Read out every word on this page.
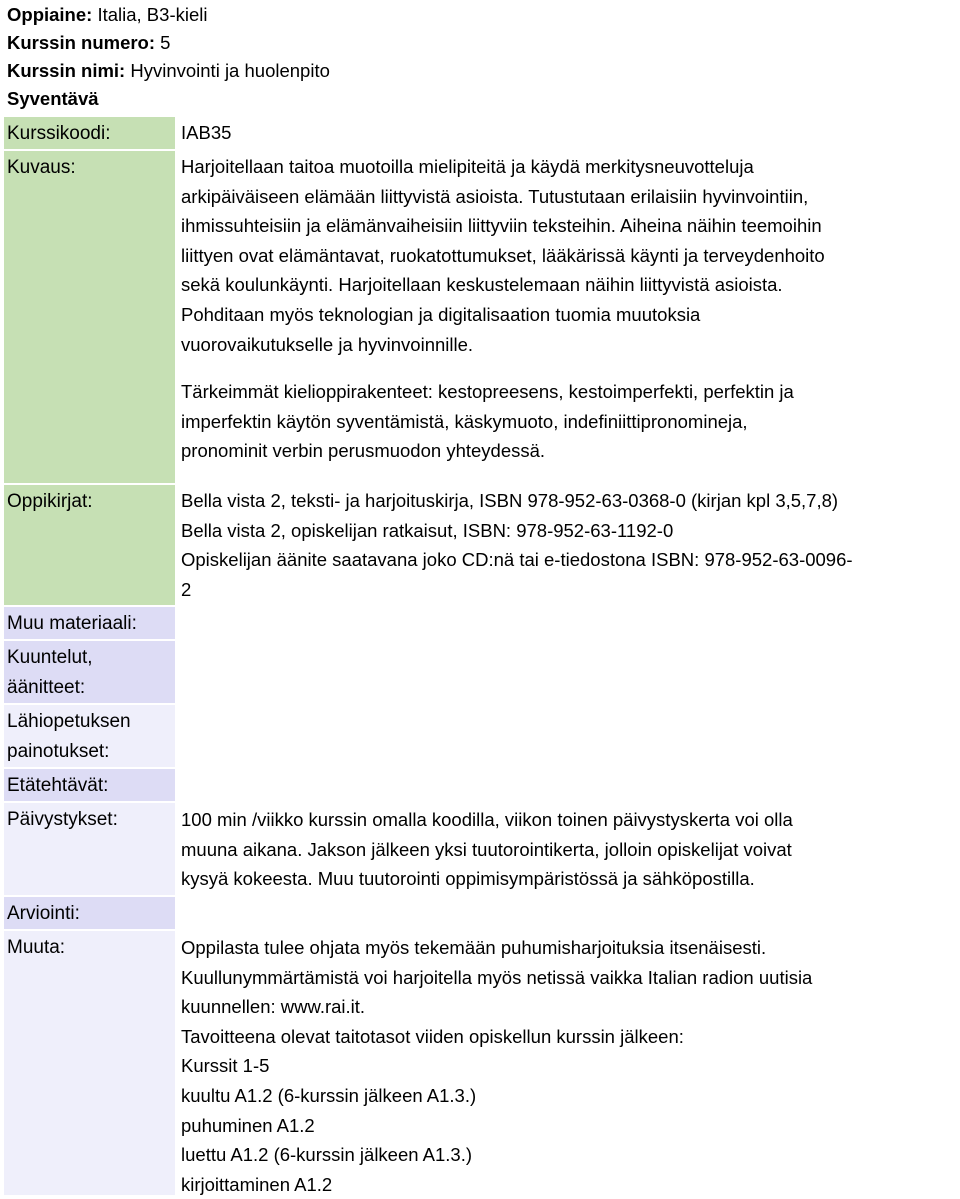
Oppiaine: Italia, B3-kieli
Kurssin numero: 5
Kurssin nimi: Hyvinvointi ja huolenpito
Syventävä
Kurssikoodi:	IAB35
Kuvaus:	Harjoitellaan taitoa muotoilla mielipiteitä ja käydä merkitysneuvotteluja
arkipäiväiseen elämään liittyvistä asioista. Tutustutaan erilaisiin hyvinvointiin,
ihmissuhteisiin ja elämänvaiheisiin liittyviin teksteihin. Aiheina näihin teemoihin
liittyen ovat elämäntavat, ruokatottumukset, lääkärissä käynti ja terveydenhoito
sekä koulunkäynti. Harjoitellaan keskustelemaan näihin liittyvistä asioista.
Pohditaan myös teknologian ja digitalisaation tuomia muutoksia
vuorovaikutukselle ja hyvinvoinnille.
Tärkeimmät kielioppirakenteet: kestopreesens, kestoimperfekti, perfektin ja
imperfektin käytön syventämistä, käskymuoto, indefiniittipronomineja,
pronominit verbin perusmuodon yhteydessä.
Oppikirjat:	Bella vista 2, teksti- ja harjoituskirja, ISBN 978-952-63-0368-0 (kirjan kpl 3,5,7,8)
Bella vista 2, opiskelijan ratkaisut, ISBN: 978-952-63-1192-0
Opiskelijan äänite saatavana joko CD:nä tai e-tiedostona ISBN: 978-952-63-0096-
2
Muu materiaali:
Kuuntelut,
äänitteet:
Lähiopetuksen
painotukset:
Etätehtävät:
Päivystykset:	100 min /viikko kurssin omalla koodilla, viikon toinen päivystyskerta voi olla
muuna aikana. Jakson jälkeen yksi tuutorointikerta, jolloin opiskelijat voivat
kysyä kokeesta. Muu tuutorointi oppimisympäristössä ja sähköpostilla.
Arviointi:
Muuta:	Oppilasta tulee ohjata myös tekemään puhumisharjoituksia itsenäisesti.
Kuullunymmärtämistä voi harjoitella myös netissä vaikka Italian radion uutisia
kuunnellen: www.rai.it.
Tavoitteena olevat taitotasot viiden opiskellun kurssin jälkeen:
Kurssit 1-5
kuultu A1.2 (6-kurssin jälkeen A1.3.)
puhuminen A1.2
luettu A1.2 (6-kurssin jälkeen A1.3.)
kirjoittaminen A1.2
